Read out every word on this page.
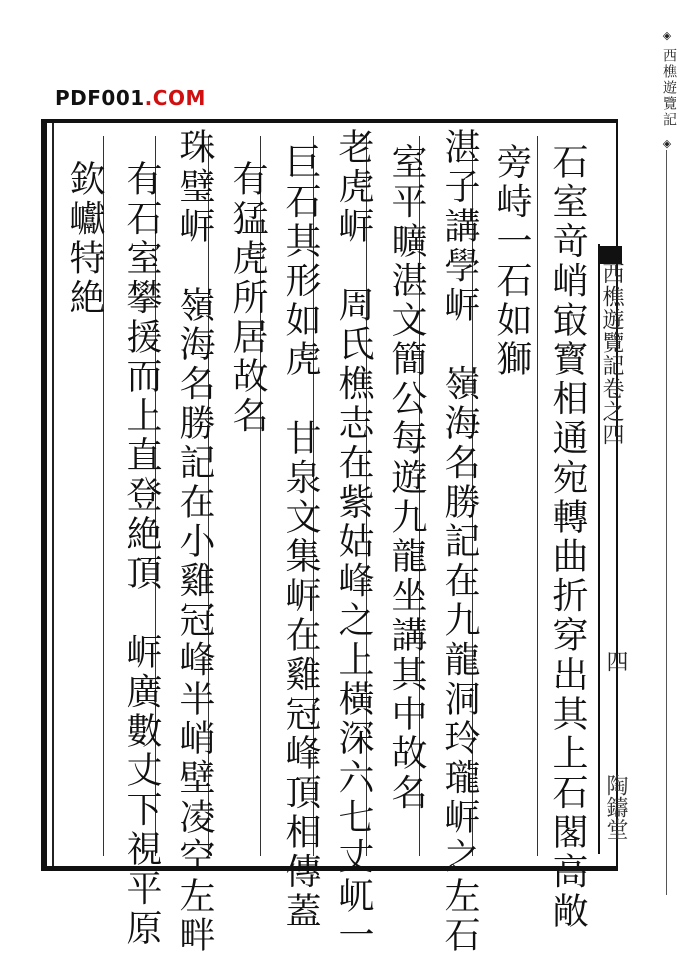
PDF001.COM
◈
西樵遊覽記
◈
石室竒峭㝡寳相通宛轉曲折穿出其上石閣高敞
旁峙一石如獅
湛子講學㟁　嶺海名勝記在九龍洞玲瓏㟁之左石
室平曠湛文簡公每遊九龍坐講其中故名
老虎㟁　周氏樵志在紫姑峰之上橫深六七丈屼一
巨石其形如虎　甘泉文集㟁在雞冠峰頂相傳蓋
有猛虎所居故名
珠璧㟁　嶺海名勝記在小雞冠峰半峭壁凌空左畔
有石室攀援而上直登絶頂　㟁廣數丈下視平原
欽巘特絶
西樵遊覽記卷之四
四
陶鑄堂
